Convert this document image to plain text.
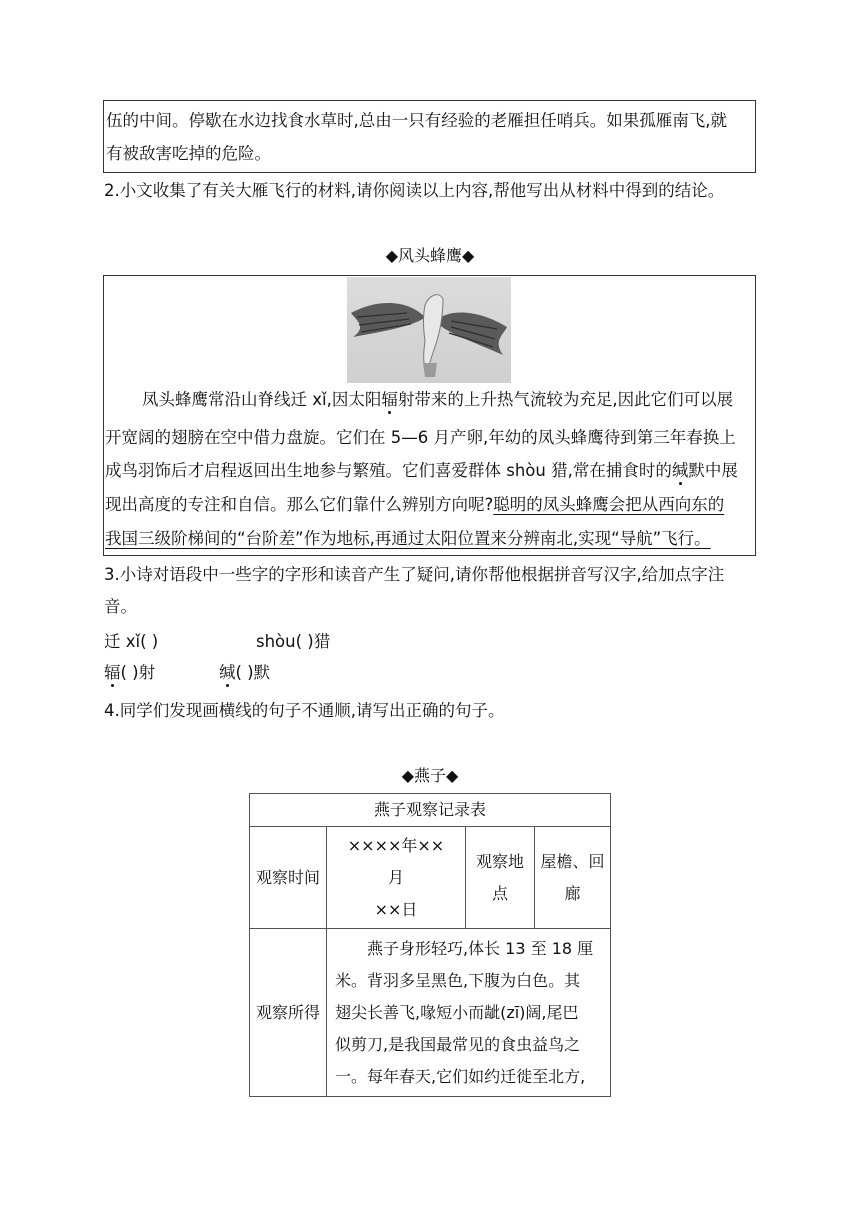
伍的中间。停歇在水边找食水草时,总由一只有经验的老雁担任哨兵。如果孤雁南飞,就
有被敌害吃掉的危险。
2.小文收集了有关大雁飞行的材料,请你阅读以上内容,帮他写出从材料中得到的结论。
◆风头蜂鹰◆
凤头蜂鹰常沿山脊线迁 xǐ,因太阳辐射带来的上升热气流较为充足,因此它们可以展
开宽阔的翅膀在空中借力盘旋。它们在 5—6 月产卵,年幼的凤头蜂鹰待到第三年春换上
成鸟羽饰后才启程返回出生地参与繁殖。它们喜爱群体 shòu 猎,常在捕食时的缄默中展
现出高度的专注和自信。那么它们靠什么辨别方向呢?聪明的凤头蜂鹰会把从西向东的
我国三级阶梯间的“台阶差”作为地标,再通过太阳位置来分辨南北,实现“导航”飞行。
3.小诗对语段中一些字的字形和读音产生了疑问,请你帮他根据拼音写汉字,给加点字注
音。
迁 xǐ( )	shòu( )猎
辐( )射	缄( )默
4.同学们发现画横线的句子不通顺,请写出正确的句子。
◆燕子◆
燕子观察记录表			
观察时间	××××年××
月
××日	观察地
点	屋檐、回
廊

观察所得	　　燕子身形轻巧,体长 13 至 18 厘
米。背羽多呈黑色,下腹为白色。其
翅尖长善飞,喙短小而龇(zī)阔,尾巴
似剪刀,是我国最常见的食虫益鸟之
一。每年春天,它们如约迁徙至北方,		
